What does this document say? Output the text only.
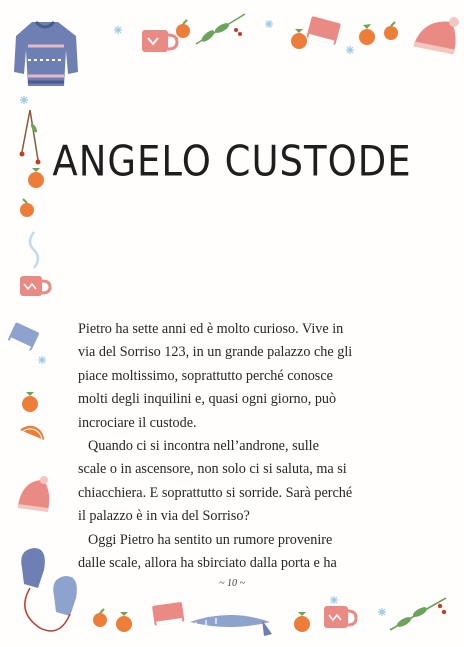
ANGELO CUSTODE
Pietro ha sette anni ed è molto curioso. Vive in
via del Sorriso 123, in un grande palazzo che gli
piace moltissimo, soprattutto perché conosce
molti degli inquilini e, quasi ogni giorno, può
incrociare il custode.
Quando ci si incontra nell’androne, sulle
scale o in ascensore, non solo ci si saluta, ma si
chiacchiera. E soprattutto si sorride. Sarà perché
il palazzo è in via del Sorriso?
Oggi Pietro ha sentito un rumore provenire
dalle scale, allora ha sbirciato dalla porta e ha
~ 10 ~
